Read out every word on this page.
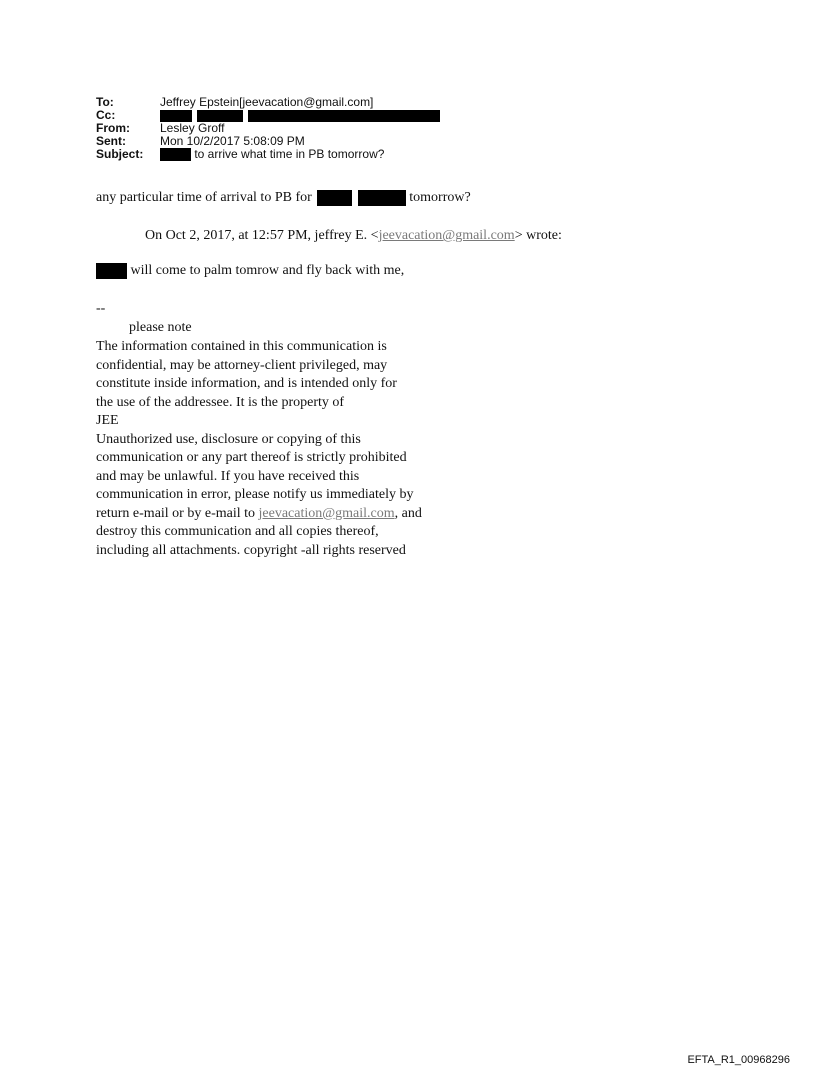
To:	Jeffrey Epstein[jeevacation@gmail.com]
Cc:

From:	Lesley Groff
Sent:	Mon 10/2/2017 5:08:09 PM
Subject:	to arrive what time in PB tomorrow?
any particular time of arrival to PB for	tomorrow?
On Oct 2, 2017, at 12:57 PM, jeffrey E. <jeevacation@gmail.com> wrote:
will come to palm tomrow and fly back with me,
--
please note
The information contained in this communication is
confidential, may be attorney-client privileged, may
constitute inside information, and is intended only for
the use of the addressee. It is the property of
JEE
Unauthorized use, disclosure or copying of this
communication or any part thereof is strictly prohibited
and may be unlawful. If you have received this
communication in error, please notify us immediately by
return e-mail or by e-mail to jeevacation@gmail.com, and
destroy this communication and all copies thereof,
including all attachments. copyright -all rights reserved
EFTA_R1_00968296
